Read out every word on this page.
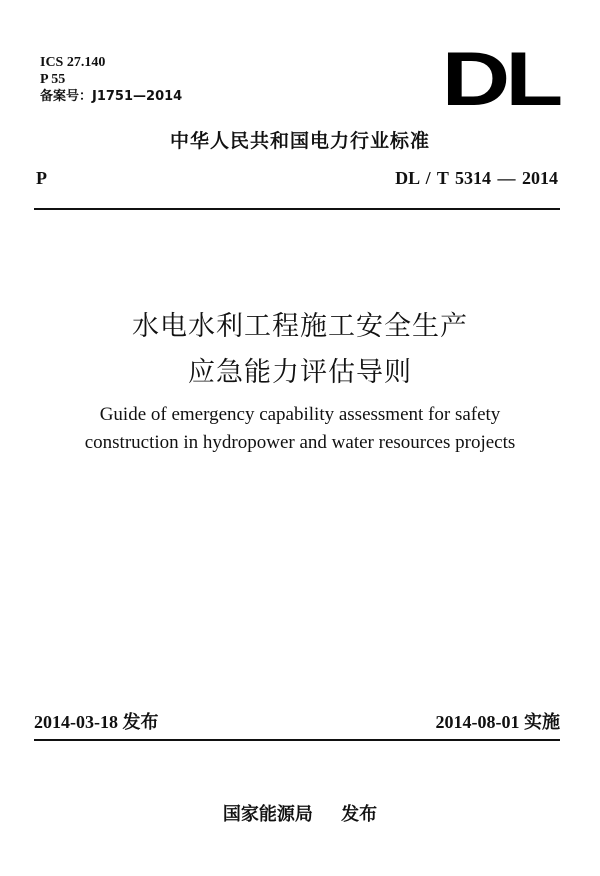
ICS 27.140
P 55
备案号：J1751—2014	DL
中华人民共和国电力行业标准
P	DL / T 5314 — 2014
水电水利工程施工安全生产
应急能力评估导则
Guide of emergency capability assessment for safety
construction in hydropower and water resources projects
2014-03-18 发布	2014-08-01 实施
国家能源局 发布
